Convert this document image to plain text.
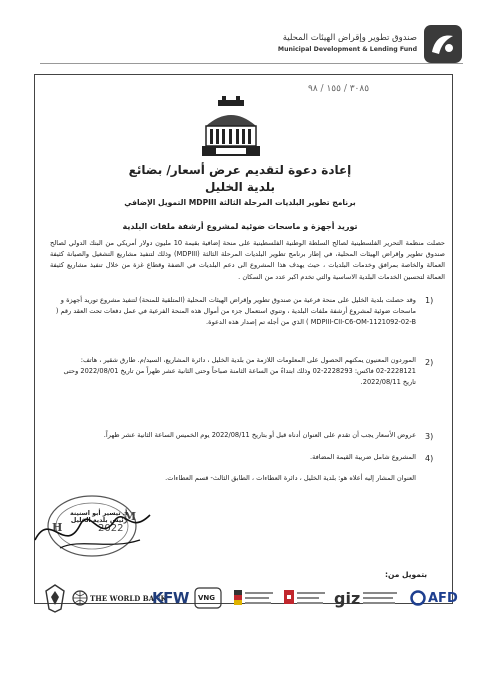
صندوق تطوير وإقراض الهيئات المحلية
Municipal Development & Lending Fund
٣٠٨٥ / ١٥٥ / ٩٨
إعادة دعوة لتقديم عرض أسعار/ بضائع
بلدية الخليل
برنامج تطوير البلديات المرحلة الثالثة MDPIII التمويل الإضافي
توريد أجهزة و ماسحات ضوئية لمشروع أرشفة ملفات البلدية
حصلت منظمة التحرير الفلسطينية لصالح السلطة الوطنية الفلسطينية على منحة إضافية بقيمة 10 مليون دولار أمريكي من البنك الدولي لصالح صندوق تطوير وإقراض الهيئات المحلية، في إطار برنامج تطوير البلديات المرحلة الثالثة (MDPIII) وذلك لتنفيذ مشاريع التشغيل والصيانة كثيفة العمالة والخاصة بمرافق وخدمات البلديات ، حيث يهدف هذا المشروع الى دعم البلديات في الضفة وقطاع غزة من خلال تنفيذ مشاريع كثيفة العمالة لتحسين الخدمات البلدية الاساسية والتي تخدم اكبر عدد من السكان .
1)
وقد حصلت بلدية الخليل على منحة فرعية من صندوق تطوير وإقراض الهيئات المحلية (المتلقية للمنحة) لتنفيذ مشروع توريد أجهزة و ماسحات ضوئية لمشروع أرشفة ملفات البلدية ، وتنوي استعمال جزء من أموال هذه المنحة الفرعية في عمل دفعات تحت العقد رقم ( MDPIII-CII-C6-OM-1121092-02-B ) الذي من أجله تم إصدار هذه الدعوة.
2)
الموردون المعنيون يمكنهم الحصول على المعلومات اللازمة من بلدية الخليل ، دائرة المشاريع، السيد/م. طارق شقير ، هاتف: 2228121-02 فاكس: 2228293-02 وذلك ابتداءً من الساعة الثامنة صباحاً وحتى الثانية عشر ظهراً من تاريخ 2022/08/01 وحتى تاريخ 2022/08/11.
3)
عروض الأسعار يجب أن تقدم على العنوان أدناه قبل أو بتاريخ 2022/08/11 يوم الخميس الساعة الثانية عشر ظهراً.
4)
المشروع شامل ضريبة القيمة المضافة.
العنوان المشار إليه أعلاه هو: بلدية الخليل ، دائرة العطاءات ، الطابق الثالث- قسم العطاءات.
H
M
2022
أ. تيسير أبو اسنينة
رئيس بلدية الخليل
بتمويل من:
THE WORLD BANK
KFW VNG	giz	AFD
